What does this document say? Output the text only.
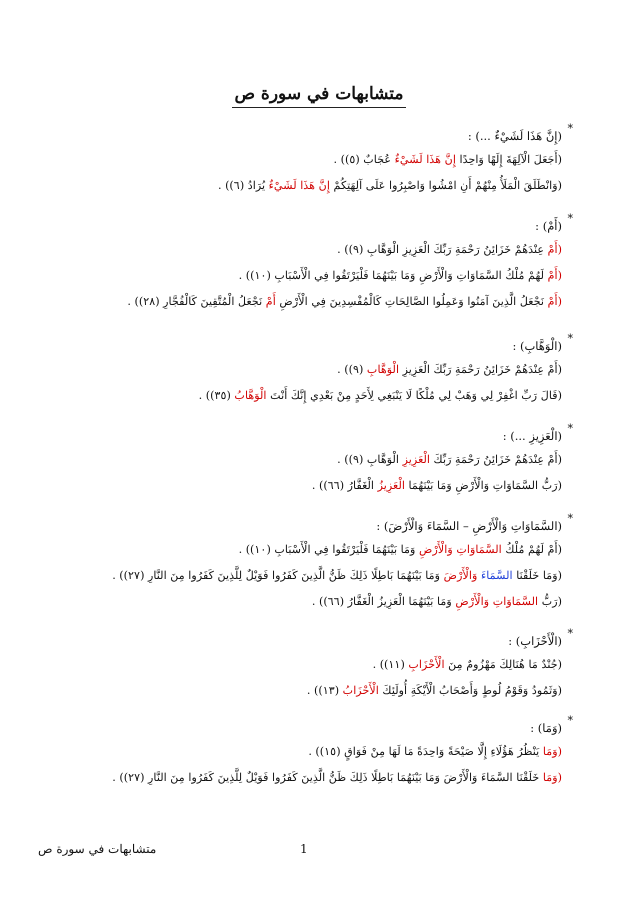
متشابهات في سورة ص
*
(إِنَّ هَذَا لَشَيْءٌ ...) :
(أَجَعَلَ الْآلِهَةَ إِلَهًا وَاحِدًا إِنَّ هَذَا لَشَيْءٌ عُجَابٌ (٥)) .
(وَانْطَلَقَ الْمَلَأُ مِنْهُمْ أَنِ امْشُوا وَاصْبِرُوا عَلَى آلِهَتِكُمْ إِنَّ هَذَا لَشَيْءٌ يُرَادُ (٦)) .
*
(أَمْ) :
(أَمْ عِنْدَهُمْ خَزَائِنُ رَحْمَةِ رَبِّكَ الْعَزِيزِ الْوَهَّابِ (٩)) .
(أَمْ لَهُمْ مُلْكُ السَّمَاوَاتِ وَالْأَرْضِ وَمَا بَيْنَهُمَا فَلْيَرْتَقُوا فِي الْأَسْبَابِ (١٠)) .
(أَمْ نَجْعَلُ الَّذِينَ آمَنُوا وَعَمِلُوا الصَّالِحَاتِ كَالْمُفْسِدِينَ فِي الْأَرْضِ أَمْ نَجْعَلُ الْمُتَّقِينَ كَالْفُجَّارِ (٢٨)) .
*
(الْوَهَّابِ) :
(أَمْ عِنْدَهُمْ خَزَائِنُ رَحْمَةِ رَبِّكَ الْعَزِيزِ الْوَهَّابِ (٩)) .
(قَالَ رَبِّ اغْفِرْ لِي وَهَبْ لِي مُلْكًا لَا يَنْبَغِي لِأَحَدٍ مِنْ بَعْدِي إِنَّكَ أَنْتَ الْوَهَّابُ (٣٥)) .
*
(الْعَزِيزِ ...) :
(أَمْ عِنْدَهُمْ خَزَائِنُ رَحْمَةِ رَبِّكَ الْعَزِيزِ الْوَهَّابِ (٩)) .
(رَبُّ السَّمَاوَاتِ وَالْأَرْضِ وَمَا بَيْنَهُمَا الْعَزِيزُ الْغَفَّارُ (٦٦)) .
*
(السَّمَاوَاتِ وَالْأَرْضِ – السَّمَاءَ وَالْأَرْضَ) :
(أَمْ لَهُمْ مُلْكُ السَّمَاوَاتِ وَالْأَرْضِ وَمَا بَيْنَهُمَا فَلْيَرْتَقُوا فِي الْأَسْبَابِ (١٠)) .
(وَمَا خَلَقْنَا السَّمَاءَ وَالْأَرْضَ وَمَا بَيْنَهُمَا بَاطِلًا ذَلِكَ ظَنُّ الَّذِينَ كَفَرُوا فَوَيْلٌ لِلَّذِينَ كَفَرُوا مِنَ النَّارِ (٢٧)) .
(رَبُّ السَّمَاوَاتِ وَالْأَرْضِ وَمَا بَيْنَهُمَا الْعَزِيزُ الْغَفَّارُ (٦٦)) .
*
(الْأَحْزَابِ) :
(جُنْدٌ مَا هُنَالِكَ مَهْزُومٌ مِنَ الْأَحْزَابِ (١١)) .
(وَثَمُودُ وَقَوْمُ لُوطٍ وَأَصْحَابُ الْأَيْكَةِ أُولَئِكَ الْأَحْزَابُ (١٣)) .
*
(وَمَا) :
(وَمَا يَنْظُرُ هَؤُلَاءِ إِلَّا صَيْحَةً وَاحِدَةً مَا لَهَا مِنْ فَوَاقٍ (١٥)) .
(وَمَا خَلَقْنَا السَّمَاءَ وَالْأَرْضَ وَمَا بَيْنَهُمَا بَاطِلًا ذَلِكَ ظَنُّ الَّذِينَ كَفَرُوا فَوَيْلٌ لِلَّذِينَ كَفَرُوا مِنَ النَّارِ (٢٧)) .
1
متشابهات في سورة ص
